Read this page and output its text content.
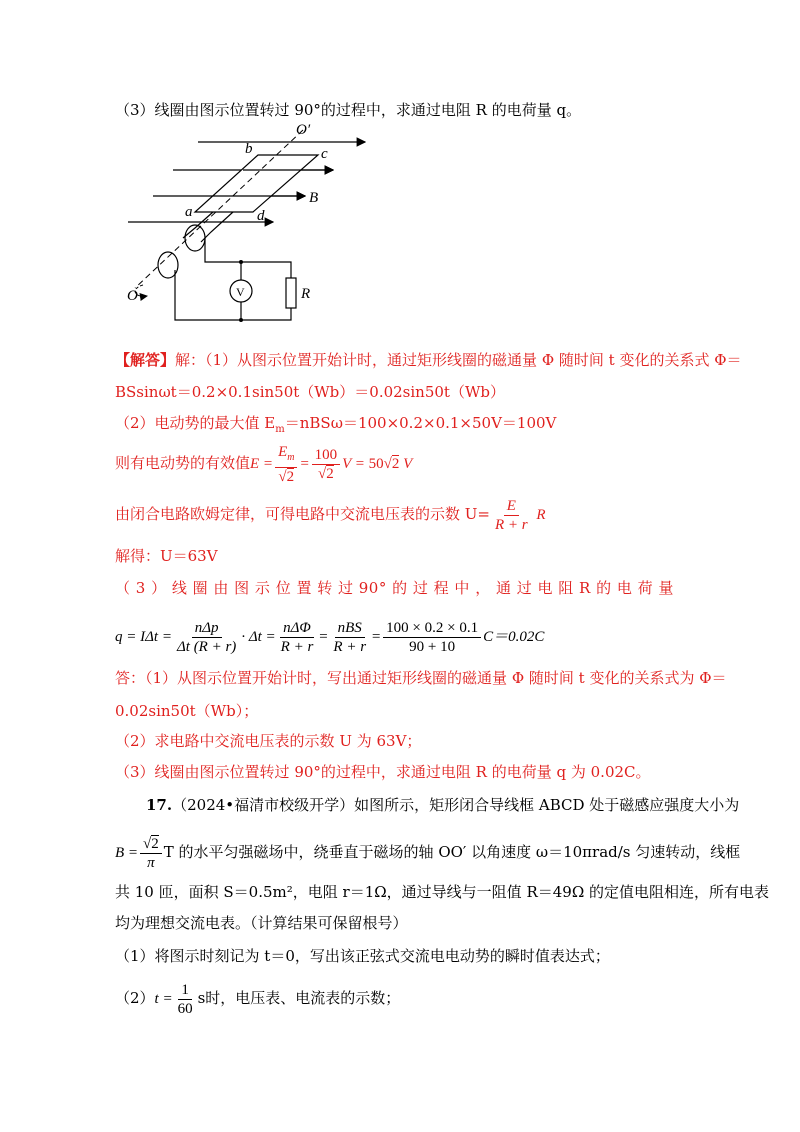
（3）线圈由图示位置转过 90°的过程中，求通过电阻 R 的电荷量 q。
O′
b	c
B
a	d
V	R
O
【解答】解：（1）从图示位置开始计时，通过矩形线圈的磁通量 Φ 随时间 t 变化的关系式 Φ＝
BSsinωt＝0.2×0.1sin50t（Wb）＝0.02sin50t（Wb）
（2）电动势的最大值 $E_m=nBS\omega=100\times 0.2\times 0.1\times 50V=100V$
则有电动势的有效值$E = \frac{E_m}{√2} = \frac{100}{√2}$ V = 50√2 V
由闭合电路欧姆定律，可得电路中交流电压表的示数 $U= \frac{E}{R + r}$ R
解得：U＝63V
（ 3 ） 线 圈 由 图 示 位 置 转 过 90° 的 过 程 中 ， 通 过 电 阻 R 的 电 荷 量
$q = I\Delta t = \frac{\text{nΔp}}{\Delta t (R + r)} \cdot \Delta t = \frac{\text{nΔΦ}}{R + r} = \frac{\text{nBS}}{R + r} = \frac{100 \times 0.2 \times 0.1}{90 + 10} C=0.02C$
答：（1）从图示位置开始计时，写出通过矩形线圈的磁通量 Φ 随时间 t 变化的关系式为 Φ＝
0.02sin50t（Wb）；
（2）求电路中交流电压表的示数 U 为 63V；
（3）线圈由图示位置转过 90°的过程中，求通过电阻 R 的电荷量 q 为 0.02C。
17.（2024•福清市校级开学）如图所示，矩形闭合导线框 ABCD 处于磁感应强度大小为
$B = \frac{√2}{\pi}$ T 的水平匀强磁场中，绕垂直于磁场的轴 OO′ 以角速度 ω＝10πrad/s 匀速转动，线框
共 10 匝，面积 S＝0.5m²，电阻 r＝1Ω，通过导线与一阻值 R＝49Ω 的定值电阻相连，所有电表
均为理想交流电表。（计算结果可保留根号）
（1）将图示时刻记为 t＝0，写出该正弦式交流电电动势的瞬时值表达式；
$(2)t = \frac{1}{60}$ s时，电压表、电流表的示数；
